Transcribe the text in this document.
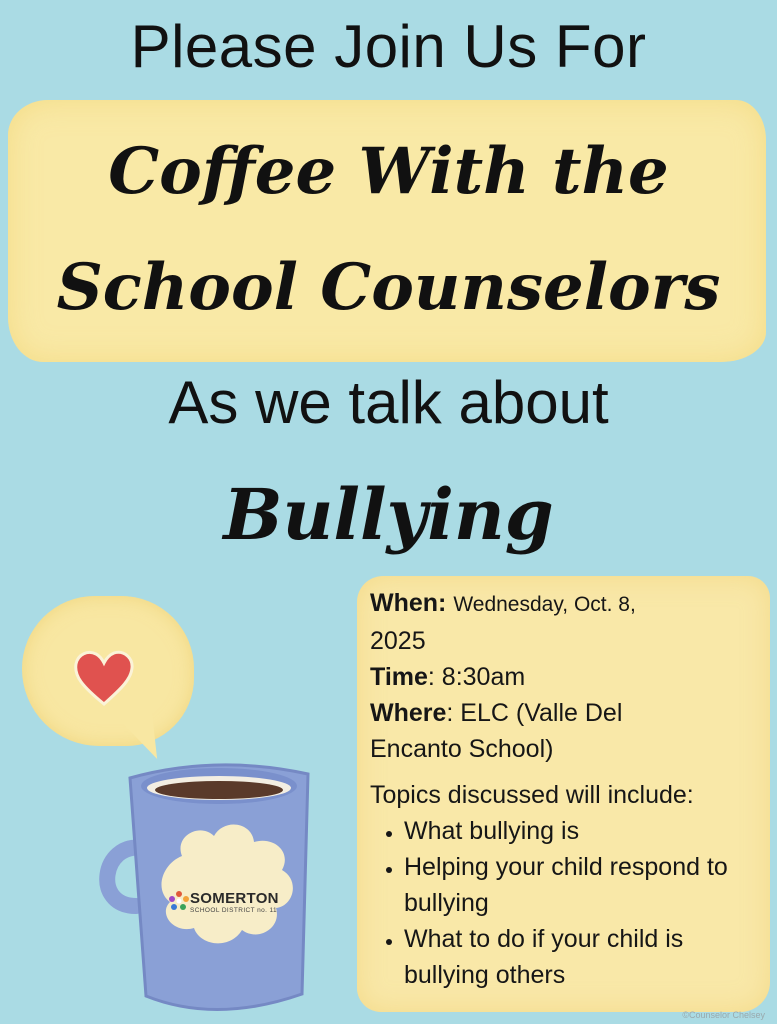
Please Join Us For
Coffee With the
School Counselors
As we talk about
Bullying
SOMERTON
SCHOOL DISTRICT no. 11
When: Wednesday, Oct. 8,
2025
Time: 8:30am
Where: ELC (Valle Del
Encanto School)
Topics discussed will include:
• What bullying is
• Helping your child respond to bullying
• What to do if your child is bullying others
©Counselor Chelsey
